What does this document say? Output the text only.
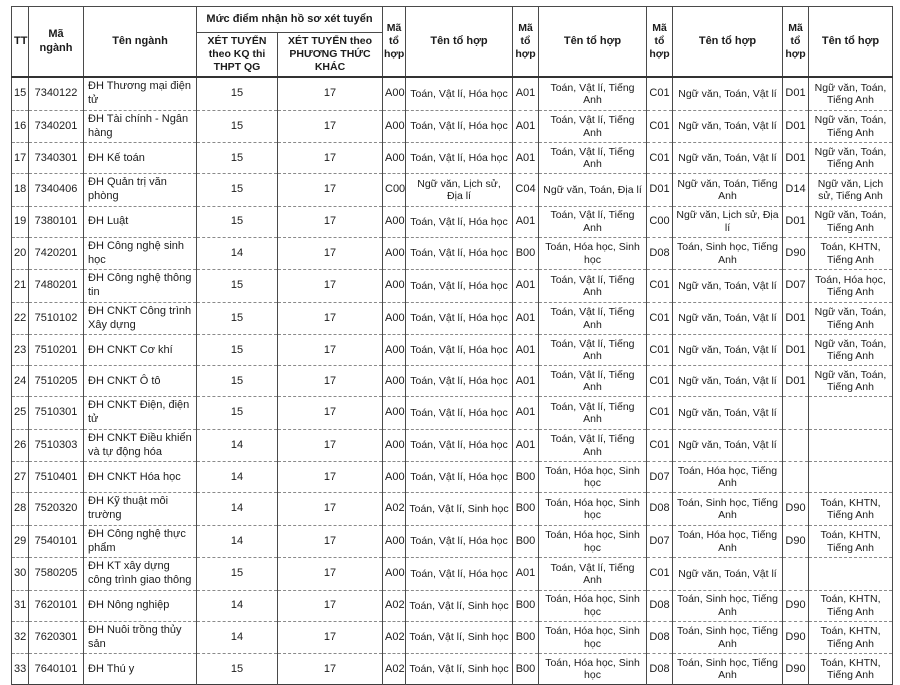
TT	Mã ngành	Tên ngành	Mức điểm nhận hồ sơ xét tuyển		Mã tổ hợp	Tên tổ hợp	Mã tổ hợp	Tên tổ hợp	Mã tổ hợp	Tên tổ hợp	Mã tổ hợp	Tên tổ hợp
			XÉT TUYỂN theo KQ thi THPT QG	XÉT TUYỂN theo PHƯƠNG THỨC KHÁC								
15	7340122	ĐH Thương mại điện tử	15	17	A00	Toán, Vật lí, Hóa học	A01	Toán, Vật lí, Tiếng Anh	C01	Ngữ văn, Toán, Vật lí	D01	Ngữ văn, Toán, Tiếng Anh
16	7340201	ĐH Tài chính - Ngân hàng	15	17	A00	Toán, Vật lí, Hóa học	A01	Toán, Vật lí, Tiếng Anh	C01	Ngữ văn, Toán, Vật lí	D01	Ngữ văn, Toán, Tiếng Anh
17	7340301	ĐH Kế toán	15	17	A00	Toán, Vật lí, Hóa học	A01	Toán, Vật lí, Tiếng Anh	C01	Ngữ văn, Toán, Vật lí	D01	Ngữ văn, Toán, Tiếng Anh
18	7340406	ĐH Quản trị văn phòng	15	17	C00	Ngữ văn, Lịch sử, Địa lí	C04	Ngữ văn, Toán, Địa lí	D01	Ngữ văn, Toán, Tiếng Anh	D14	Ngữ văn, Lịch sử, Tiếng Anh
19	7380101	ĐH Luật	15	17	A00	Toán, Vật lí, Hóa học	A01	Toán, Vật lí, Tiếng Anh	C00	Ngữ văn, Lịch sử, Địa lí	D01	Ngữ văn, Toán, Tiếng Anh
20	7420201	ĐH Công nghệ sinh học	14	17	A00	Toán, Vật lí, Hóa học	B00	Toán, Hóa học, Sinh học	D08	Toán, Sinh học, Tiếng Anh	D90	Toán, KHTN, Tiếng Anh
21	7480201	ĐH Công nghệ thông tin	15	17	A00	Toán, Vật lí, Hóa học	A01	Toán, Vật lí, Tiếng Anh	C01	Ngữ văn, Toán, Vật lí	D07	Toán, Hóa học, Tiếng Anh
22	7510102	ĐH CNKT Công trình Xây dựng	15	17	A00	Toán, Vật lí, Hóa học	A01	Toán, Vật lí, Tiếng Anh	C01	Ngữ văn, Toán, Vật lí	D01	Ngữ văn, Toán, Tiếng Anh
23	7510201	ĐH CNKT Cơ khí	15	17	A00	Toán, Vật lí, Hóa học	A01	Toán, Vật lí, Tiếng Anh	C01	Ngữ văn, Toán, Vật lí	D01	Ngữ văn, Toán, Tiếng Anh
24	7510205	ĐH CNKT Ô tô	15	17	A00	Toán, Vật lí, Hóa học	A01	Toán, Vật lí, Tiếng Anh	C01	Ngữ văn, Toán, Vật lí	D01	Ngữ văn, Toán, Tiếng Anh
25	7510301	ĐH CNKT Điện, điện tử	15	17	A00	Toán, Vật lí, Hóa học	A01	Toán, Vật lí, Tiếng Anh	C01	Ngữ văn, Toán, Vật lí		
26	7510303	ĐH CNKT Điều khiển và tự động hóa	14	17	A00	Toán, Vật lí, Hóa học	A01	Toán, Vật lí, Tiếng Anh	C01	Ngữ văn, Toán, Vật lí		
27	7510401	ĐH CNKT Hóa học	14	17	A00	Toán, Vật lí, Hóa học	B00	Toán, Hóa học, Sinh học	D07	Toán, Hóa học, Tiếng Anh		
28	7520320	ĐH Kỹ thuật môi trường	14	17	A02	Toán, Vật lí, Sinh học	B00	Toán, Hóa học, Sinh học	D08	Toán, Sinh học, Tiếng Anh	D90	Toán, KHTN, Tiếng Anh
29	7540101	ĐH Công nghệ thực phẩm	14	17	A00	Toán, Vật lí, Hóa học	B00	Toán, Hóa học, Sinh học	D07	Toán, Hóa học, Tiếng Anh	D90	Toán, KHTN, Tiếng Anh
30	7580205	ĐH KT xây dựng công trình giao thông	15	17	A00	Toán, Vật lí, Hóa học	A01	Toán, Vật lí, Tiếng Anh	C01	Ngữ văn, Toán, Vật lí		
31	7620101	ĐH Nông nghiệp	14	17	A02	Toán, Vật lí, Sinh học	B00	Toán, Hóa học, Sinh học	D08	Toán, Sinh học, Tiếng Anh	D90	Toán, KHTN, Tiếng Anh
32	7620301	ĐH Nuôi trồng thủy sản	14	17	A02	Toán, Vật lí, Sinh học	B00	Toán, Hóa học, Sinh học	D08	Toán, Sinh học, Tiếng Anh	D90	Toán, KHTN, Tiếng Anh
33	7640101	ĐH Thú y	15	17	A02	Toán, Vật lí, Sinh học	B00	Toán, Hóa học, Sinh học	D08	Toán, Sinh học, Tiếng Anh	D90	Toán, KHTN, Tiếng Anh
